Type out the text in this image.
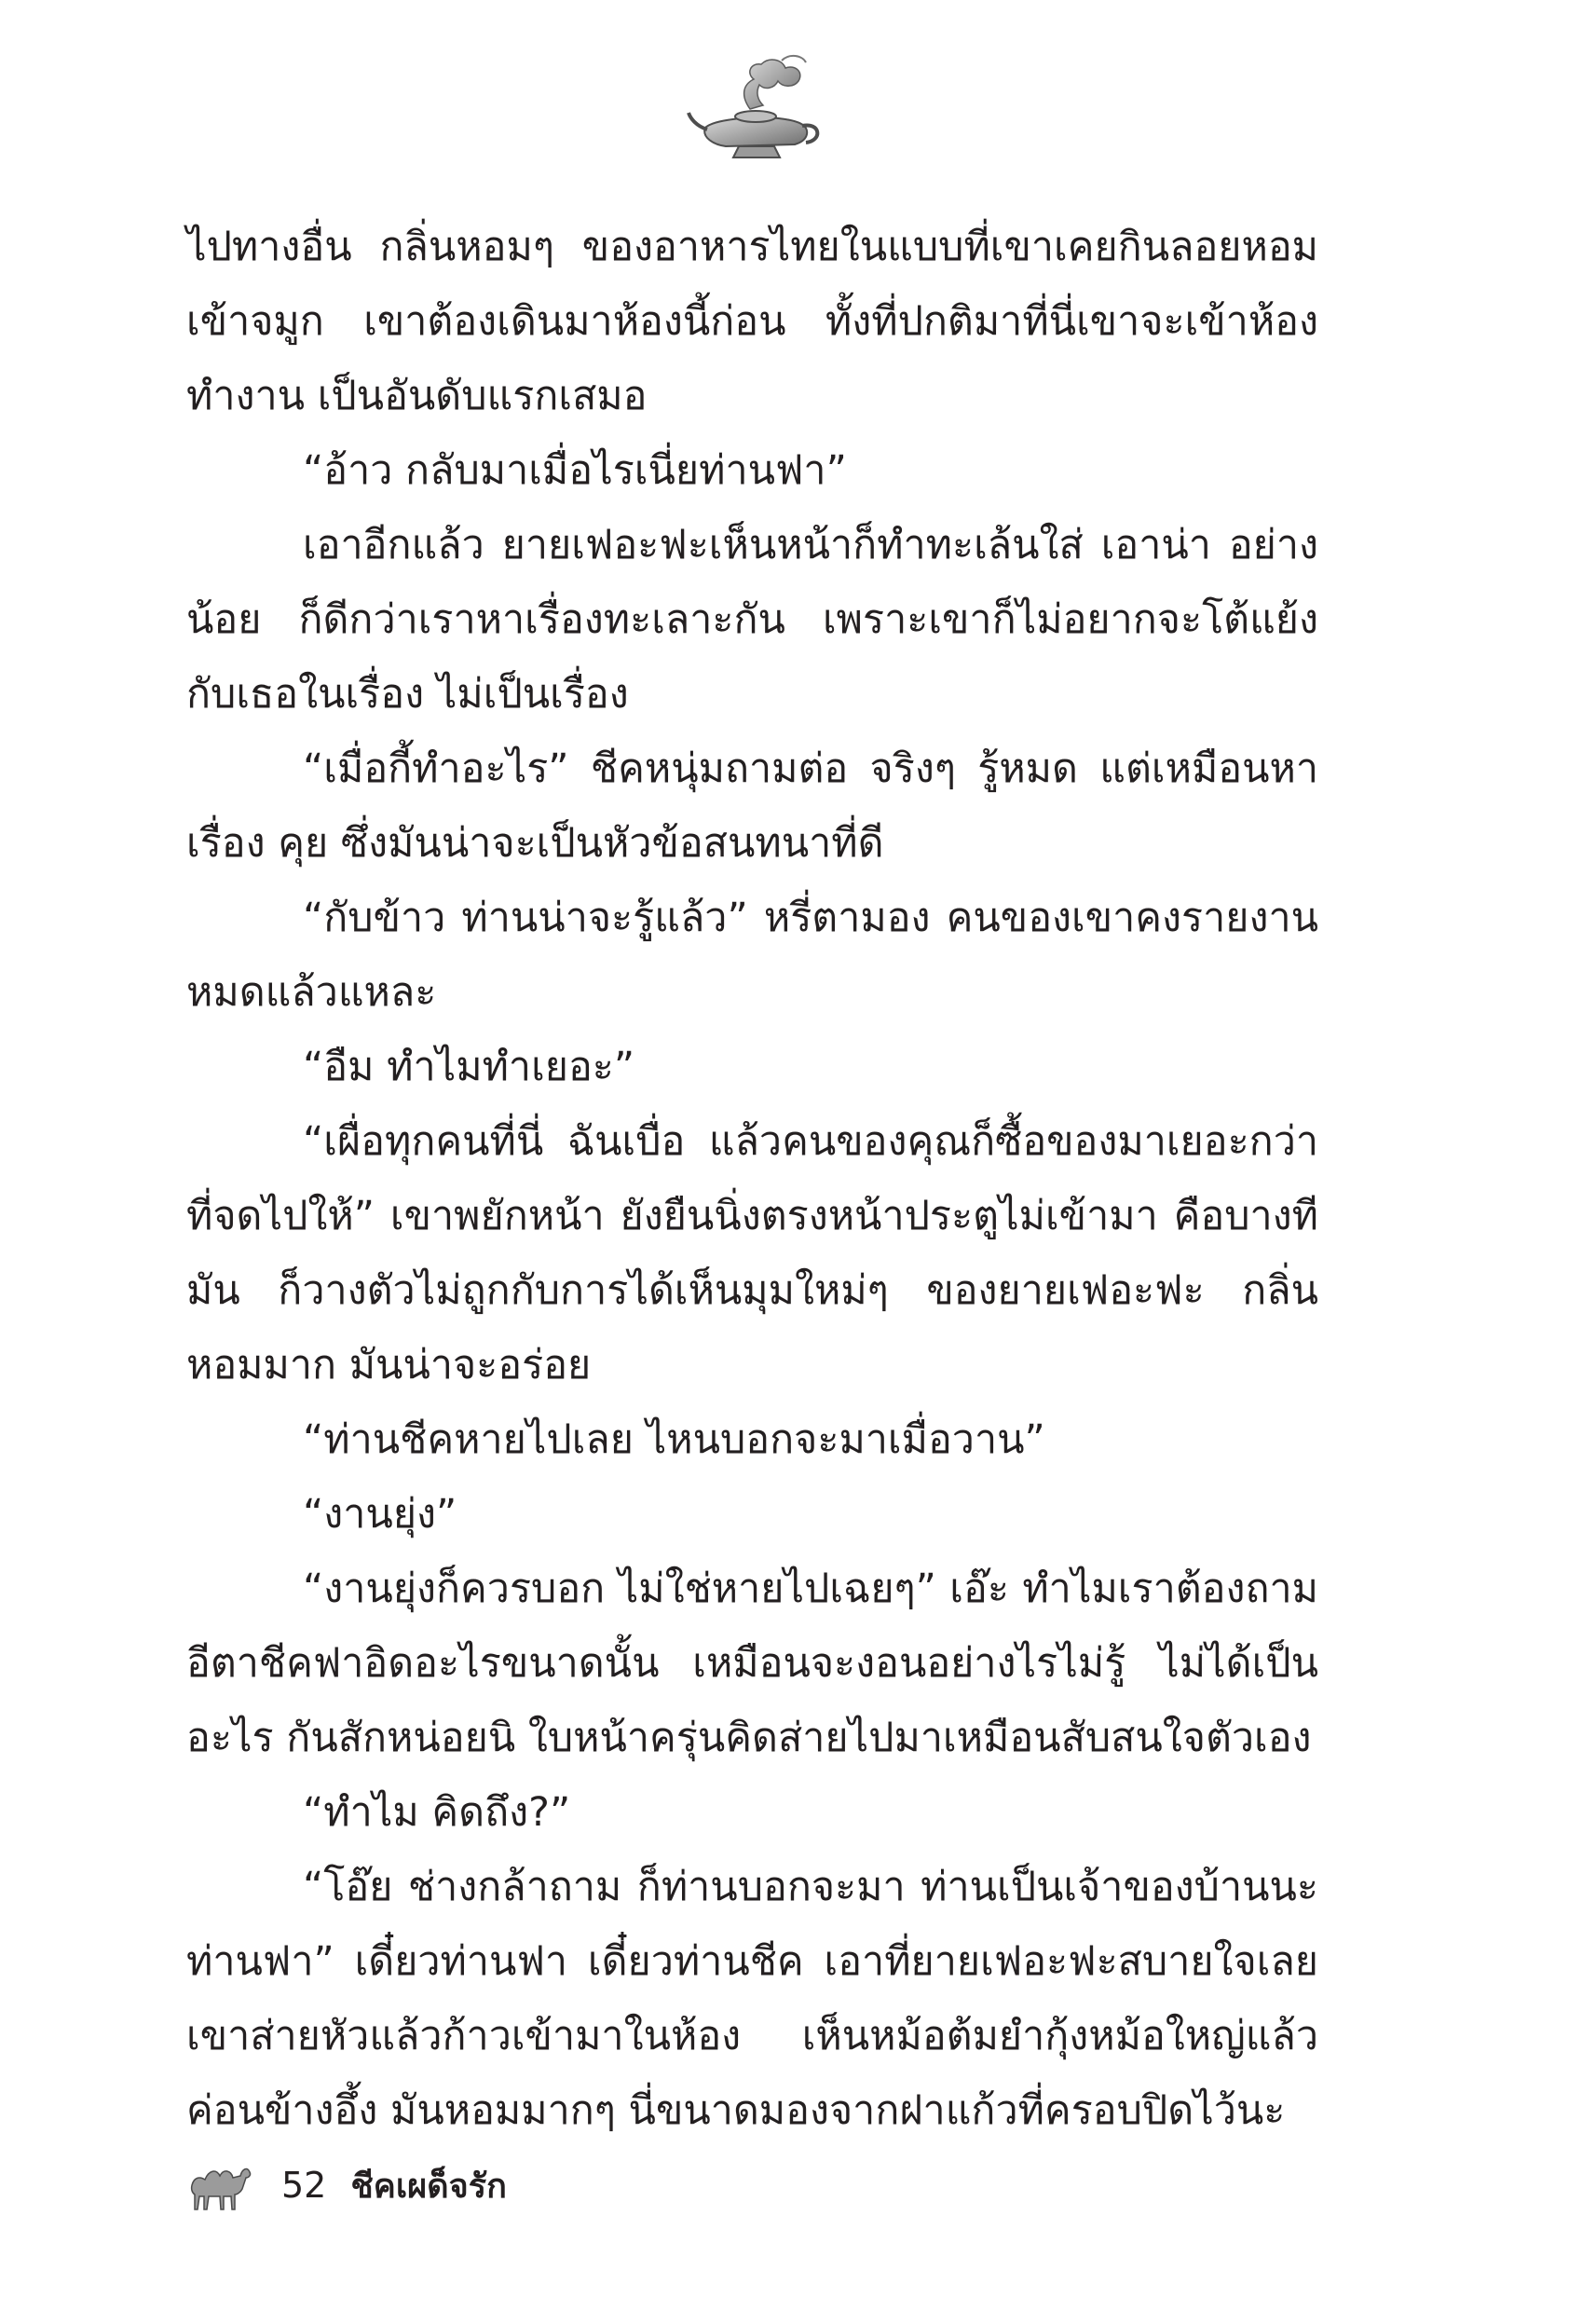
ไปทางอื่น กลิ่นหอมๆ ของอาหารไทยในแบบที่เขาเคยกินลอยหอม เข้าจมูก เขาต้องเดินมาห้องนี้ก่อน ทั้งที่ปกติมาที่นี่เขาจะเข้าห้องทำงาน เป็นอันดับแรกเสมอ

“อ้าว กลับมาเมื่อไรเนี่ยท่านฟา”

เอาอีกแล้ว ยายเฟอะฟะเห็นหน้าก็ทำทะเล้นใส่ เอาน่า อย่างน้อย ก็ดีกว่าเราหาเรื่องทะเลาะกัน เพราะเขาก็ไม่อยากจะโต้แย้งกับเธอในเรื่อง ไม่เป็นเรื่อง

“เมื่อกี้ทำอะไร” ชีคหนุ่มถามต่อ จริงๆ รู้หมด แต่เหมือนหาเรื่อง คุย ซึ่งมันน่าจะเป็นหัวข้อสนทนาที่ดี

“กับข้าว ท่านน่าจะรู้แล้ว” หรี่ตามอง คนของเขาคงรายงาน หมดแล้วแหละ

“อืม ทำไมทำเยอะ”

“เผื่อทุกคนที่นี่ ฉันเบื่อ แล้วคนของคุณก็ซื้อของมาเยอะกว่า ที่จดไปให้” เขาพยักหน้า ยังยืนนิ่งตรงหน้าประตูไม่เข้ามา คือบางทีมัน ก็วางตัวไม่ถูกกับการได้เห็นมุมใหม่ๆ ของยายเฟอะฟะ กลิ่นหอมมาก มันน่าจะอร่อย

“ท่านชีคหายไปเลย ไหนบอกจะมาเมื่อวาน”

“งานยุ่ง”

“งานยุ่งก็ควรบอก ไม่ใช่หายไปเฉยๆ” เอ๊ะ ทำไมเราต้องถาม อีตาชีคฟาอิดอะไรขนาดนั้น เหมือนจะงอนอย่างไรไม่รู้ ไม่ได้เป็นอะไร กันสักหน่อยนิ ใบหน้าครุ่นคิดส่ายไปมาเหมือนสับสนใจตัวเอง

“ทำไม คิดถึง?”

“โอ๊ย ช่างกล้าถาม ก็ท่านบอกจะมา ท่านเป็นเจ้าของบ้านนะ ท่านฟา” เดี๋ยวท่านฟา เดี๋ยวท่านชีค เอาที่ยายเฟอะฟะสบายใจเลย เขาส่ายหัวแล้วก้าวเข้ามาในห้อง เห็นหม้อต้มยำกุ้งหม้อใหญ่แล้ว ค่อนข้างอึ้ง มันหอมมากๆ นี่ขนาดมองจากฝาแก้วที่ครอบปิดไว้นะ

52 ชีคเผด็จรัก
